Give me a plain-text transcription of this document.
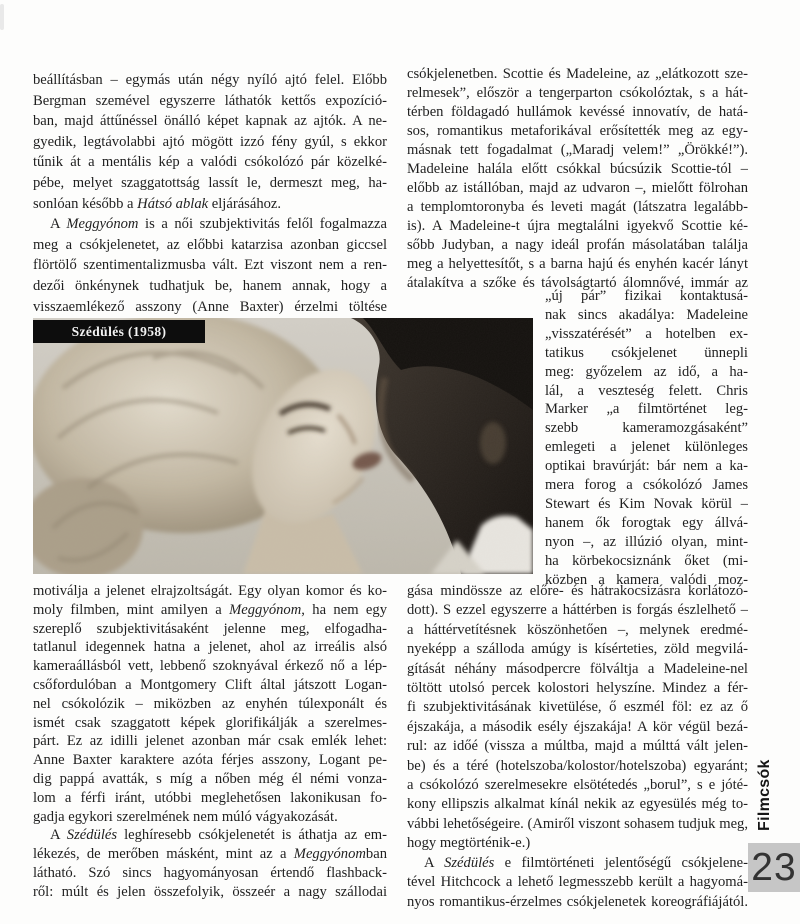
beállításban – egymás után négy nyíló ajtó felel. Előbb
Bergman szemével egyszerre láthatók kettős expozíció-
ban, majd áttűnéssel önálló képet kapnak az ajtók. A ne-
gyedik, legtávolabbi ajtó mögött izzó fény gyúl, s ekkor
tűnik át a mentális kép a valódi csókolózó pár közelké-
pébe, melyet szaggatottság lassít le, dermeszt meg, ha-
sonlóan később a Hátsó ablak eljárásához.
A Meggyónom is a női szubjektivitás felől fogalmazza
meg a csókjelenetet, az előbbi katarzisa azonban giccsel
flörtölő szentimentalizmusba vált. Ezt viszont nem a ren-
dezői önkénynek tudhatjuk be, hanem annak, hogy a
visszaemlékező asszony (Anne Baxter) érzelmi töltése
Szédülés (1958)
motiválja a jelenet elrajzoltságát. Egy olyan komor és ko-
moly filmben, mint amilyen a Meggyónom, ha nem egy
szereplő szubjektivitásaként jelenne meg, elfogadha-
tatlanul idegennek hatna a jelenet, ahol az irreális alsó
kameraállásból vett, lebbenő szoknyával érkező nő a lép-
csőfordulóban a Montgomery Clift által játszott Logan-
nel csókolózik – miközben az enyhén túlexponált és
ismét csak szaggatott képek glorifikálják a szerelmes-
párt. Ez az idilli jelenet azonban már csak emlék lehet:
Anne Baxter karaktere azóta férjes asszony, Logant pe-
dig pappá avatták, s míg a nőben még él némi vonza-
lom a férfi iránt, utóbbi meglehetősen lakonikusan fo-
gadja egykori szerelmének nem múló vágyakozását.
A Szédülés leghíresebb csókjelenetét is áthatja az em-
lékezés, de merőben másként, mint az a Meggyónomban
látható. Szó sincs hagyományosan értendő flashback-
ről: múlt és jelen összefolyik, összeér a nagy szállodai
csókjelenetben. Scottie és Madeleine, az „elátkozott sze-
relmesek”, először a tengerparton csókolóztak, s a hát-
térben földagadó hullámok kevéssé innovatív, de hatá-
sos, romantikus metaforikával erősítették meg az egy-
másnak tett fogadalmat („Maradj velem!” „Örökké!”).
Madeleine halála előtt csókkal búcsúzik Scottie-tól –
előbb az istállóban, majd az udvaron –, mielőtt fölrohan
a templomtoronyba és leveti magát (látszatra legalább-
is). A Madeleine-t újra megtalálni igyekvő Scottie ké-
sőbb Judyban, a nagy ideál profán másolatában találja
meg a helyettesítőt, s a barna hajú és enyhén kacér lányt
átalakítva a szőke és távolságtartó álomnővé, immár az
„új pár” fizikai kontaktusá-
nak sincs akadálya: Madeleine
„visszatérését” a hotelben ex-
tatikus csókjelenet ünnepli
meg: győzelem az idő, a ha-
lál, a veszteség felett. Chris
Marker „a filmtörténet leg-
szebb kameramozgásaként”
emlegeti a jelenet különleges
optikai bravúrját: bár nem a ka-
mera forog a csókolózó James
Stewart és Kim Novak körül –
hanem ők forogtak egy állvá-
nyon –, az illúzió olyan, mint-
ha körbekocsiznánk őket (mi-
közben a kamera valódi moz-
gása mindössze az előre- és hátrakocsizásra korlátozó-
dott). S ezzel egyszerre a háttérben is forgás észlelhető –
a háttérvetítésnek köszönhetően –, melynek eredmé-
nyeképp a szálloda amúgy is kísérteties, zöld megvilá-
gítását néhány másodpercre fölváltja a Madeleine-nel
töltött utolsó percek kolostori helyszíne. Mindez a fér-
fi szubjektivitásának kivetülése, ő eszmél föl: ez az ő
éjszakája, a második esély éjszakája! A kör végül bezá-
rul: az időé (vissza a múltba, majd a múlttá vált jelen-
be) és a téré (hotelszoba/kolostor/hotelszoba) egyaránt;
a csókolózó szerelmesekre elsötétedés „borul”, s e jóté-
kony ellipszis alkalmat kínál nekik az egyesülés még to-
vábbi lehetőségeire. (Amiről viszont sohasem tudjuk meg,
hogy megtörténik-e.)
A Szédülés e filmtörténeti jelentőségű csókjelene-
tével Hitchcock a lehető legmesszebb került a hagyomá-
nyos romantikus-érzelmes csókjelenetek koreográfiájától.
Filmcsók
23
